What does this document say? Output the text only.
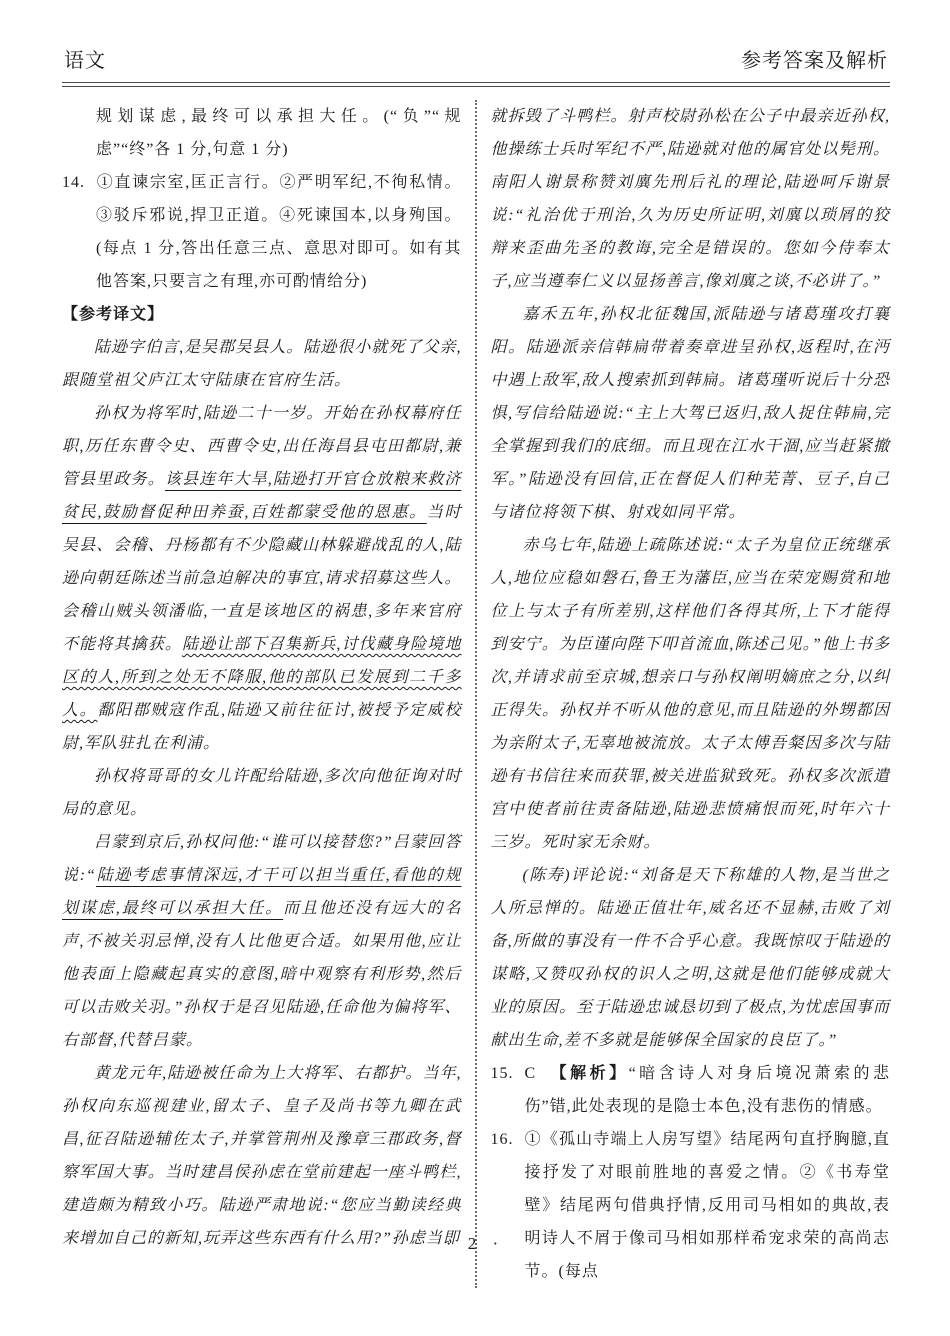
语文	参考答案及解析

规划谋虑,最终可以承担大任。(“负”“规虑”“终”各 1 分,句意 1 分)

14. ①直谏宗室,匡正言行。②严明军纪,不徇私情。③驳斥邪说,捍卫正道。④死谏国本,以身殉国。(每点 1 分,答出任意三点、意思对即可。如有其他答案,只要言之有理,亦可酌情给分)

【参考译文】

陆逊字伯言,是吴郡吴县人。陆逊很小就死了父亲,跟随堂祖父庐江太守陆康在官府生活。

孙权为将军时,陆逊二十一岁。开始在孙权幕府任职,历任东曹令史、西曹令史,出任海昌县屯田都尉,兼管县里政务。该县连年大旱,陆逊打开官仓放粮来救济贫民,鼓励督促种田养蚕,百姓都蒙受他的恩惠。当时吴县、会稽、丹杨都有不少隐藏山林躲避战乱的人,陆逊向朝廷陈述当前急迫解决的事宜,请求招募这些人。会稽山贼头领潘临,一直是该地区的祸患,多年来官府不能将其擒获。陆逊让部下召集新兵,讨伐藏身险境地区的人,所到之处无不降服,他的部队已发展到二千多人。鄱阳郡贼寇作乱,陆逊又前往征讨,被授予定威校尉,军队驻扎在利浦。

孙权将哥哥的女儿许配给陆逊,多次向他征询对时局的意见。

吕蒙到京后,孙权问他:“谁可以接替您?”吕蒙回答说:“陆逊考虑事情深远,才干可以担当重任,看他的规划谋虑,最终可以承担大任。而且他还没有远大的名声,不被关羽忌惮,没有人比他更合适。如果用他,应让他表面上隐藏起真实的意图,暗中观察有利形势,然后可以击败关羽。”孙权于是召见陆逊,任命他为偏将军、右部督,代替吕蒙。

黄龙元年,陆逊被任命为上大将军、右都护。当年,孙权向东巡视建业,留太子、皇子及尚书等九卿在武昌,征召陆逊辅佐太子,并掌管荆州及豫章三郡政务,督察军国大事。当时建昌侯孙虑在堂前建起一座斗鸭栏,建造颇为精致小巧。陆逊严肃地说:“您应当勤读经典来增加自己的新知,玩弄这些东西有什么用?”孙虑当即

就拆毁了斗鸭栏。射声校尉孙松在公子中最亲近孙权,他操练士兵时军纪不严,陆逊就对他的属官处以髡刑。南阳人谢景称赞刘廙先刑后礼的理论,陆逊呵斥谢景说:“礼治优于刑治,久为历史所证明,刘廙以琐屑的狡辩来歪曲先圣的教诲,完全是错误的。您如今侍奉太子,应当遵奉仁义以显扬善言,像刘廙之谈,不必讲了。”

嘉禾五年,孙权北征魏国,派陆逊与诸葛瑾攻打襄阳。陆逊派亲信韩扁带着奏章进呈孙权,返程时,在沔中遇上敌军,敌人搜索抓到韩扁。诸葛瑾听说后十分恐惧,写信给陆逊说:“主上大驾已返归,敌人捉住韩扁,完全掌握到我们的底细。而且现在江水干涸,应当赶紧撤军。”陆逊没有回信,正在督促人们种芜菁、豆子,自己与诸位将领下棋、射戏如同平常。

赤乌七年,陆逊上疏陈述说:“太子为皇位正统继承人,地位应稳如磐石,鲁王为藩臣,应当在荣宠赐赏和地位上与太子有所差别,这样他们各得其所,上下才能得到安宁。为臣谨向陛下叩首流血,陈述己见。”他上书多次,并请求前至京城,想亲口与孙权阐明嫡庶之分,以纠正得失。孙权并不听从他的意见,而且陆逊的外甥都因为亲附太子,无辜地被流放。太子太傅吾粲因多次与陆逊有书信往来而获罪,被关进监狱致死。孙权多次派遣宫中使者前往责备陆逊,陆逊悲愤痛恨而死,时年六十三岁。死时家无余财。

(陈寿)评论说:“刘备是天下称雄的人物,是当世之人所忌惮的。陆逊正值壮年,威名还不显赫,击败了刘备,所做的事没有一件不合乎心意。我既惊叹于陆逊的谋略,又赞叹孙权的识人之明,这就是他们能够成就大业的原因。至于陆逊忠诚恳切到了极点,为忧虑国事而献出生命,差不多就是能够保全国家的良臣了。”

15. C 【解析】“暗含诗人对身后境况萧索的悲伤”错,此处表现的是隐士本色,没有悲伤的情感。

16. ①《孤山寺端上人房写望》结尾两句直抒胸臆,直接抒发了对眼前胜地的喜爱之情。②《书寿堂壁》结尾两句借典抒情,反用司马相如的典故,表明诗人不屑于像司马相如那样希宠求荣的高尚志节。(每点

· 2 ·
